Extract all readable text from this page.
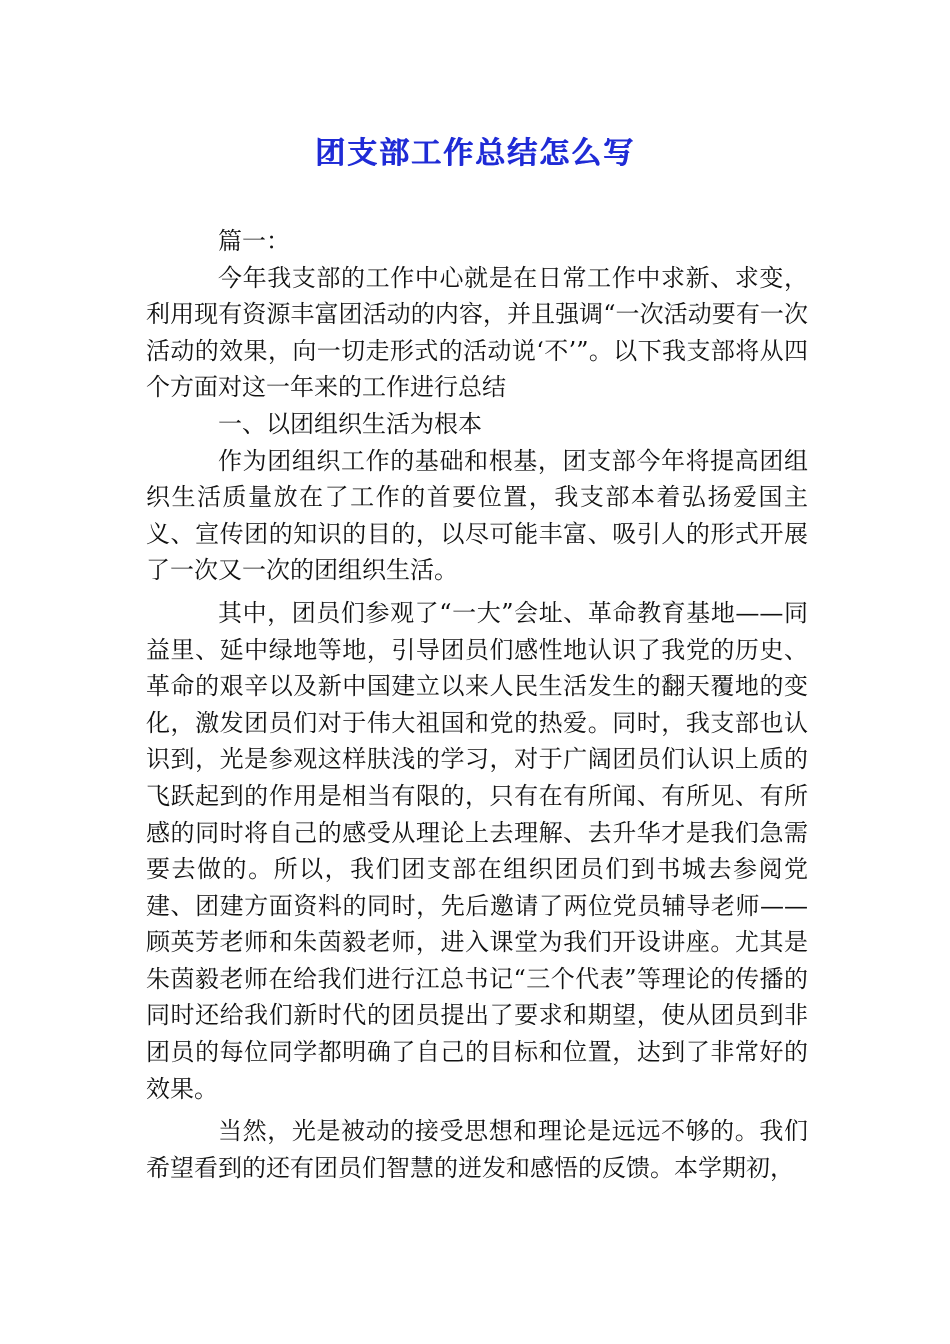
团支部工作总结怎么写

篇一：

今年我支部的工作中心就是在日常工作中求新、求变，利用现有资源丰富团活动的内容，并且强调“一次活动要有一次活动的效果，向一切走形式的活动说‘不’”。以下我支部将从四个方面对这一年来的工作进行总结

一、以团组织生活为根本

作为团组织工作的基础和根基，团支部今年将提高团组织生活质量放在了工作的首要位置，我支部本着弘扬爱国主义、宣传团的知识的目的，以尽可能丰富、吸引人的形式开展了一次又一次的团组织生活。

其中，团员们参观了“一大”会址、革命教育基地——同益里、延中绿地等地，引导团员们感性地认识了我党的历史、革命的艰辛以及新中国建立以来人民生活发生的翻天覆地的变化，激发团员们对于伟大祖国和党的热爱。同时，我支部也认识到，光是参观这样肤浅的学习，对于广阔团员们认识上质的飞跃起到的作用是相当有限的，只有在有所闻、有所见、有所感的同时将自己的感受从理论上去理解、去升华才是我们急需要去做的。所以，我们团支部在组织团员们到书城去参阅党建、团建方面资料的同时，先后邀请了两位党员辅导老师——顾英芳老师和朱茵毅老师，进入课堂为我们开设讲座。尤其是朱茵毅老师在给我们进行江总书记“三个代表”等理论的传播的同时还给我们新时代的团员提出了要求和期望，使从团员到非团员的每位同学都明确了自己的目标和位置，达到了非常好的效果。

当然，光是被动的接受思想和理论是远远不够的。我们希望看到的还有团员们智慧的迸发和感悟的反馈。本学期初，
